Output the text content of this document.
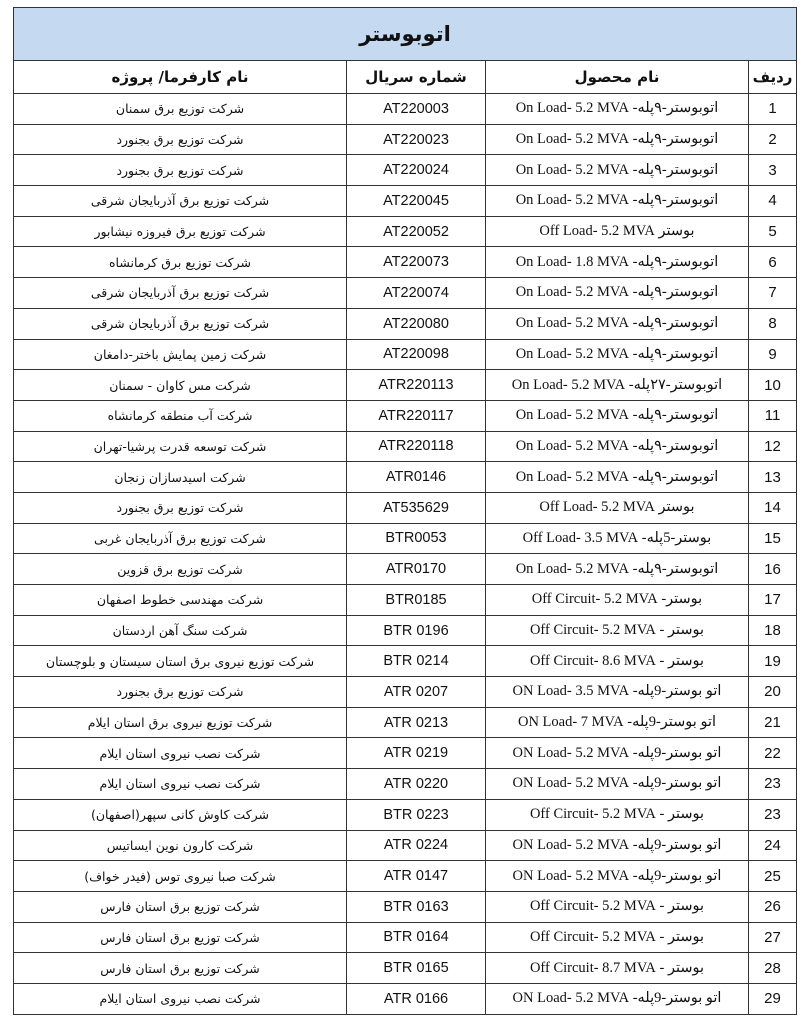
اتوبوستر			
نام کارفرما/ پروژه	شماره سریال	نام محصول	ردیف
شرکت توزیع برق سمنان	AT220003	اتوبوستر-۹پله- On Load- 5.2 MVA	1
شرکت توزیع برق بجنورد	AT220023	اتوبوستر-۹پله- On Load- 5.2 MVA	2
شرکت توزیع برق بجنورد	AT220024	اتوبوستر-۹پله- On Load- 5.2 MVA	3
شرکت توزیع برق آذربایجان شرقی	AT220045	اتوبوستر-۹پله- On Load- 5.2 MVA	4
شرکت توزیع برق فیروزه نیشابور	AT220052	بوستر Off Load- 5.2 MVA	5
شرکت توزیع برق کرمانشاه	AT220073	اتوبوستر-۹پله- On Load- 1.8 MVA	6
شرکت توزیع برق آذربایجان شرقی	AT220074	اتوبوستر-۹پله- On Load- 5.2 MVA	7
شرکت توزیع برق آذربایجان شرقی	AT220080	اتوبوستر-۹پله- On Load- 5.2 MVA	8
شرکت زمین پمایش باختر-دامغان	AT220098	اتوبوستر-۹پله- On Load- 5.2 MVA	9
شرکت مس کاوان - سمنان	ATR220113	اتوبوستر-۲۷پله- On Load- 5.2 MVA	10
شرکت آب منطقه کرمانشاه	ATR220117	اتوبوستر-۹پله- On Load- 5.2 MVA	11
شرکت توسعه قدرت پرشیا-تهران	ATR220118	اتوبوستر-۹پله- On Load- 5.2 MVA	12
شرکت اسیدسازان زنجان	ATR0146	اتوبوستر-۹پله- On Load- 5.2 MVA	13
شرکت توزیع برق بجنورد	AT535629	بوستر Off Load- 5.2 MVA	14
شرکت توزیع برق آذربایجان غربی	BTR0053	بوستر-5پله- Off Load- 3.5 MVA	15
شرکت توزیع برق قزوین	ATR0170	اتوبوستر-۹پله- On Load- 5.2 MVA	16
شرکت مهندسی خطوط اصفهان	BTR0185	بوستر- Off Circuit- 5.2 MVA	17
شرکت سنگ آهن اردستان	BTR 0196	بوستر - Off Circuit- 5.2 MVA	18
شرکت توزیع نیروی برق استان سیستان و بلوچستان	BTR 0214	بوستر - Off Circuit- 8.6 MVA	19
شرکت توزیع برق بجنورد	ATR 0207	اتو بوستر-9پله- ON Load- 3.5 MVA	20
شرکت توزیع نیروی برق استان ایلام	ATR 0213	اتو بوستر-9پله- ON Load- 7 MVA	21
شرکت نصب نیروی استان ایلام	ATR 0219	اتو بوستر-9پله- ON Load- 5.2 MVA	22
شرکت نصب نیروی استان ایلام	ATR 0220	اتو بوستر-9پله- ON Load- 5.2 MVA	23
شرکت کاوش کانی سپهر(اصفهان)	BTR 0223	بوستر - Off Circuit- 5.2 MVA	23
شرکت کارون نوین ایساتیس	ATR 0224	اتو بوستر-9پله- ON Load- 5.2 MVA	24
شرکت صبا نیروی توس (فیدر خواف)	ATR 0147	اتو بوستر-9پله- ON Load- 5.2 MVA	25
شرکت توزیع برق استان فارس	BTR 0163	بوستر - Off Circuit- 5.2 MVA	26
شرکت توزیع برق استان فارس	BTR 0164	بوستر - Off Circuit- 5.2 MVA	27
شرکت توزیع برق استان فارس	BTR 0165	بوستر - Off Circuit- 8.7 MVA	28
شرکت نصب نیروی استان ایلام	ATR 0166	اتو بوستر-9پله- ON Load- 5.2 MVA	29
